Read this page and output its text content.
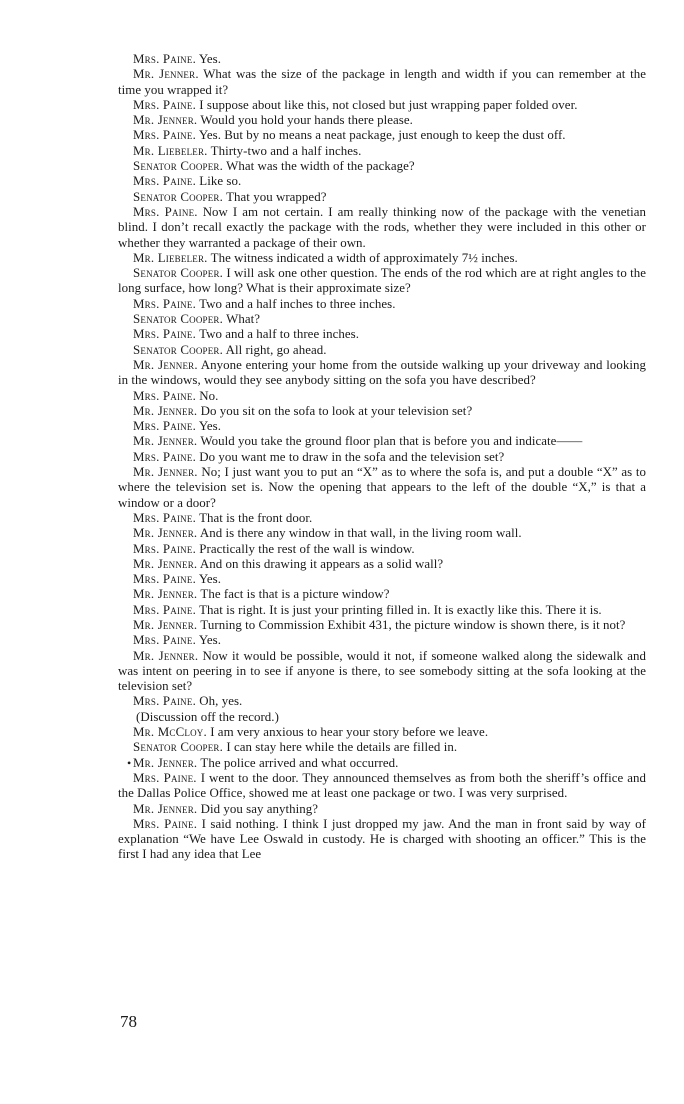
Mrs. Paine. Yes.
Mr. Jenner. What was the size of the package in length and width if you can remember at the time you wrapped it?
Mrs. Paine. I suppose about like this, not closed but just wrapping paper folded over.
Mr. Jenner. Would you hold your hands there please.
Mrs. Paine. Yes. But by no means a neat package, just enough to keep the dust off.
Mr. Liebeler. Thirty-two and a half inches.
Senator Cooper. What was the width of the package?
Mrs. Paine. Like so.
Senator Cooper. That you wrapped?
Mrs. Paine. Now I am not certain. I am really thinking now of the package with the venetian blind. I don’t recall exactly the package with the rods, whether they were included in this other or whether they warranted a package of their own.
Mr. Liebeler. The witness indicated a width of approximately 7½ inches.
Senator Cooper. I will ask one other question. The ends of the rod which are at right angles to the long surface, how long? What is their approximate size?
Mrs. Paine. Two and a half inches to three inches.
Senator Cooper. What?
Mrs. Paine. Two and a half to three inches.
Senator Cooper. All right, go ahead.
Mr. Jenner. Anyone entering your home from the outside walking up your driveway and looking in the windows, would they see anybody sitting on the sofa you have described?
Mrs. Paine. No.
Mr. Jenner. Do you sit on the sofa to look at your television set?
Mrs. Paine. Yes.
Mr. Jenner. Would you take the ground floor plan that is before you and indicate——
Mrs. Paine. Do you want me to draw in the sofa and the television set?
Mr. Jenner. No; I just want you to put an “X” as to where the sofa is, and put a double “X” as to where the television set is. Now the opening that appears to the left of the double “X,” is that a window or a door?
Mrs. Paine. That is the front door.
Mr. Jenner. And is there any window in that wall, in the living room wall.
Mrs. Paine. Practically the rest of the wall is window.
Mr. Jenner. And on this drawing it appears as a solid wall?
Mrs. Paine. Yes.
Mr. Jenner. The fact is that is a picture window?
Mrs. Paine. That is right. It is just your printing filled in. It is exactly like this. There it is.
Mr. Jenner. Turning to Commission Exhibit 431, the picture window is shown there, is it not?
Mrs. Paine. Yes.
Mr. Jenner. Now it would be possible, would it not, if someone walked along the sidewalk and was intent on peering in to see if anyone is there, to see somebody sitting at the sofa looking at the television set?
Mrs. Paine. Oh, yes.
(Discussion off the record.)
Mr. McCloy. I am very anxious to hear your story before we leave.
Senator Cooper. I can stay here while the details are filled in.
• Mr. Jenner. The police arrived and what occurred.
Mrs. Paine. I went to the door. They announced themselves as from both the sheriff’s office and the Dallas Police Office, showed me at least one package or two. I was very surprised.
Mr. Jenner. Did you say anything?
Mrs. Paine. I said nothing. I think I just dropped my jaw. And the man in front said by way of explanation “We have Lee Oswald in custody. He is charged with shooting an officer.” This is the first I had any idea that Lee
78
